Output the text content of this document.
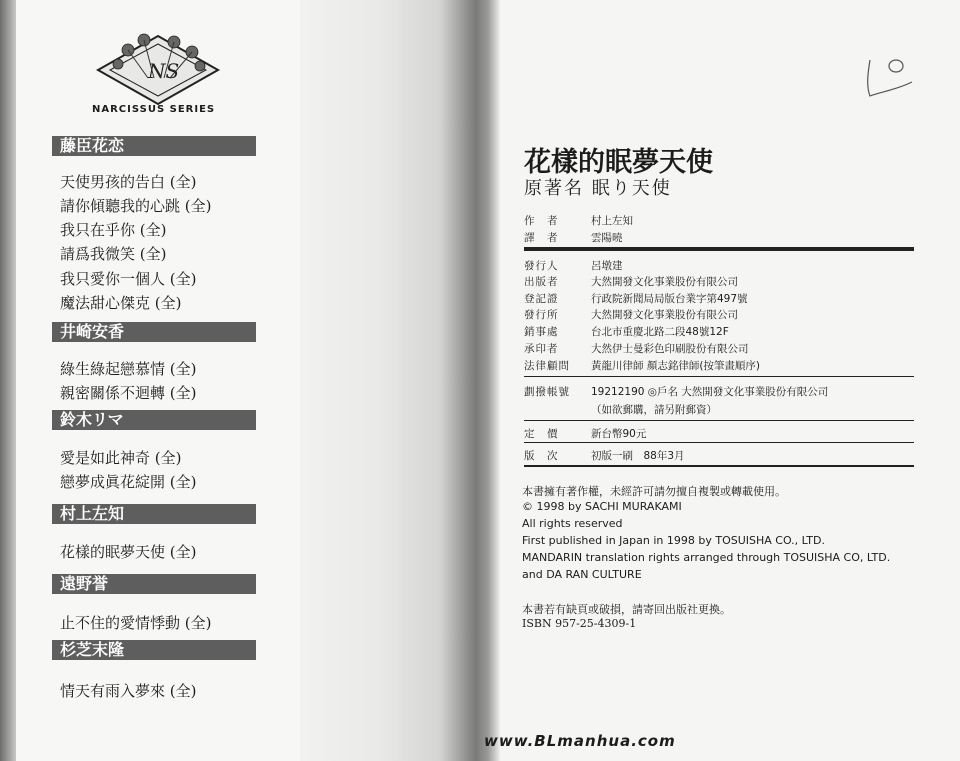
NS
NARCISSUS SERIES
藤臣花恋
天使男孩的告白 (全)
請你傾聽我的心跳 (全)
我只在乎你 (全)
請爲我微笑 (全)
我只愛你一個人 (全)
魔法甜心傑克 (全)
井崎安香
綠生綠起戀慕情 (全)
親密關係不迴轉 (全)
鈴木リマ
愛是如此神奇 (全)
戀夢成眞花綻開 (全)
村上左知
花樣的眠夢天使 (全)
遠野誉
杉芝末隆
止不住的愛情悸動 (全)
情天有雨入夢來 (全)
花樣的眠夢天使
原著名 眠り天使
作　者	村上左知
譯　者	雲陽曉
發行人	呂墩建
出版者	大然開發文化事業股份有限公司
登記證	行政院新聞局局版台業字第497號
發行所	大然開發文化事業股份有限公司
銷事處	台北市重慶北路二段48號12F
承印者	大然伊士曼彩色印刷股份有限公司
法律顧問 黃龍川律師 顏志銘律師(按筆畫順序)
劃撥帳號 19212190 ◎戶名 大然開發文化事業股份有限公司
（如欲郵購，請另附郵資）
定　價	新台幣90元
版　次	初版一刷　88年3月
本書擁有著作權，未經許可請勿擅自複製或轉載使用。
© 1998 by SACHI MURAKAMI
All rights reserved
First published in Japan in 1998 by TOSUISHA CO., LTD.
MANDARIN translation rights arranged through TOSUISHA CO, LTD.
and DA RAN CULTURE
本書若有缺頁或破損，請寄回出版社更換。
ISBN 957-25-4309-1
www.BLmanhua.com
